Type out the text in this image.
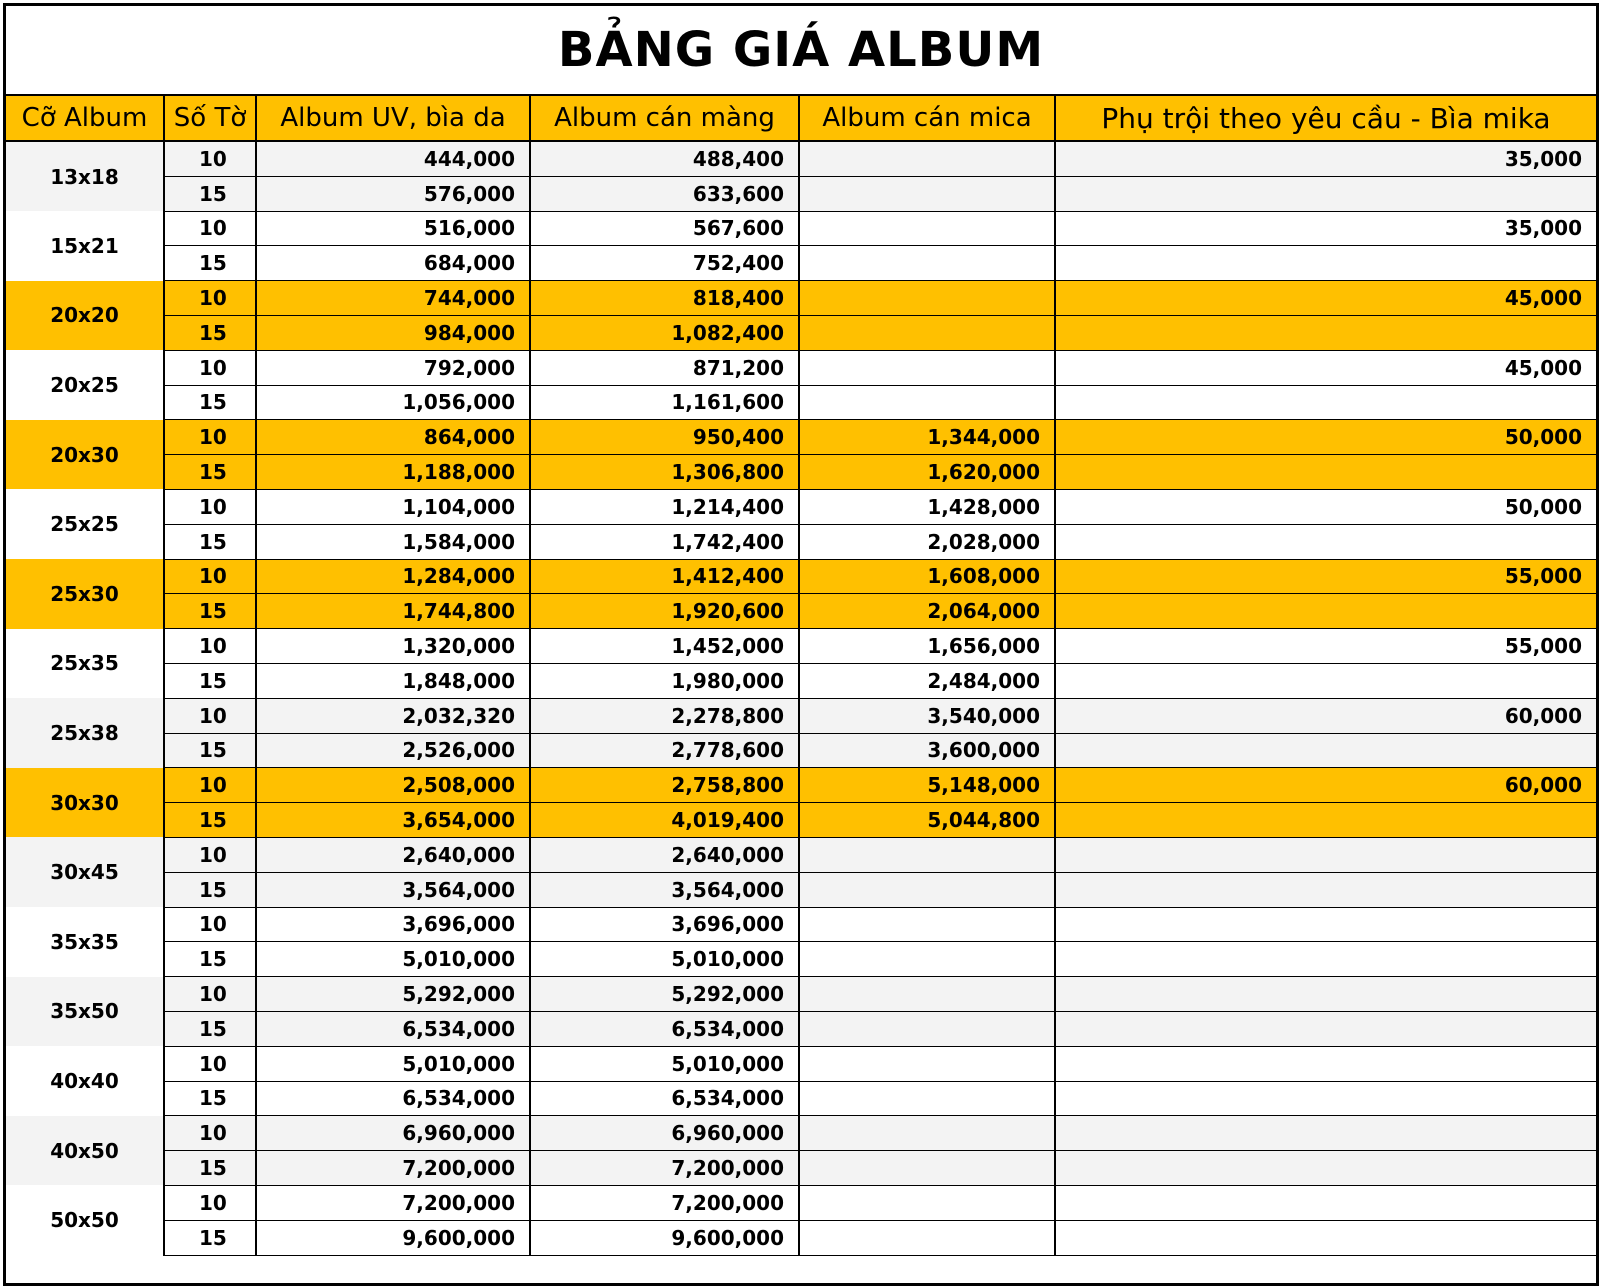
BẢNG GIÁ ALBUM
Cỡ Album	Số Tờ	Album UV, bìa da	Album cán màng	Album cán mica	Phụ trội theo yêu cầu - Bìa mika
13x18	10	444,000	488,400		35,000
	15	576,000	633,600		
15x21	10	516,000	567,600		35,000
	15	684,000	752,400		
20x20	10	744,000	818,400		45,000
	15	984,000	1,082,400		
20x25	10	792,000	871,200		45,000
	15	1,056,000	1,161,600		
20x30	10	864,000	950,400	1,344,000	50,000
	15	1,188,000	1,306,800	1,620,000	
25x25	10	1,104,000	1,214,400	1,428,000	50,000
	15	1,584,000	1,742,400	2,028,000	
25x30	10	1,284,000	1,412,400	1,608,000	55,000
	15	1,744,800	1,920,600	2,064,000	
25x35	10	1,320,000	1,452,000	1,656,000	55,000
	15	1,848,000	1,980,000	2,484,000	
25x38	10	2,032,320	2,278,800	3,540,000	60,000
	15	2,526,000	2,778,600	3,600,000	
30x30	10	2,508,000	2,758,800	5,148,000	60,000
	15	3,654,000	4,019,400	5,044,800	
30x45	10	2,640,000	2,640,000		
	15	3,564,000	3,564,000		
35x35	10	3,696,000	3,696,000		
	15	5,010,000	5,010,000		
35x50	10	5,292,000	5,292,000		
	15	6,534,000	6,534,000		
40x40	10	5,010,000	5,010,000		
	15	6,534,000	6,534,000		
40x50	10	6,960,000	6,960,000		
	15	7,200,000	7,200,000		
50x50	10	7,200,000	7,200,000		
	15	9,600,000	9,600,000		
